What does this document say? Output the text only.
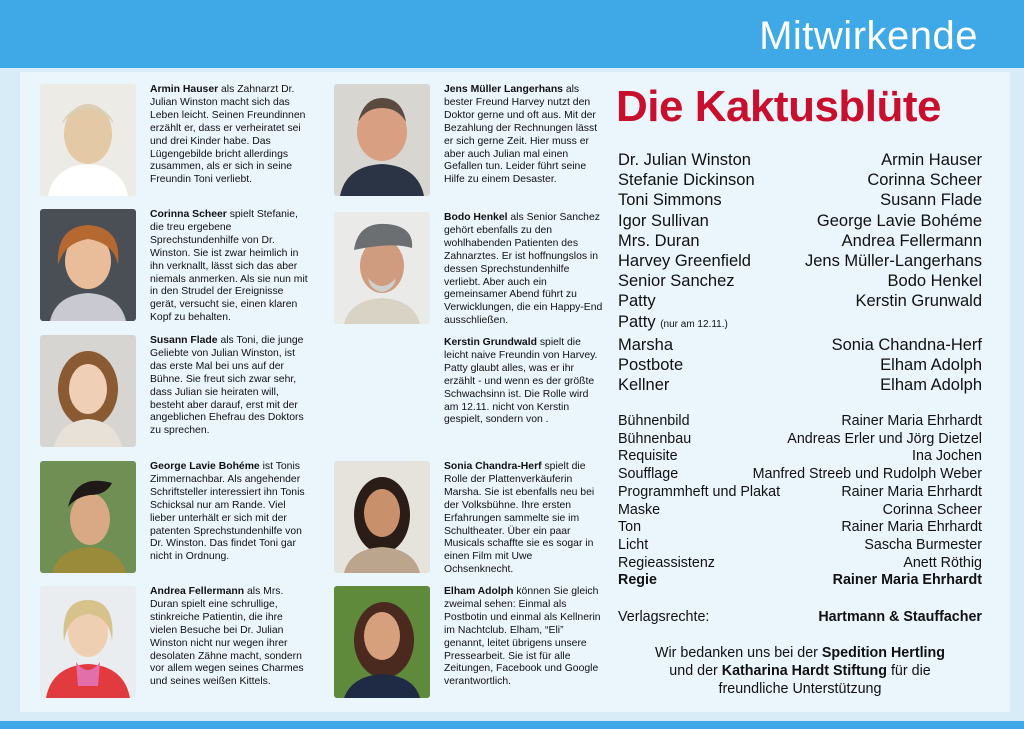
Mitwirkende
Armin Hauser als Zahnarzt Dr. Julian Winston macht sich das Leben leicht. Seinen Freundinnen erzählt er, dass er verheiratet sei und drei Kinder habe. Das Lügengebilde bricht allerdings zusammen, als er sich in seine Freundin Toni verliebt.
Corinna Scheer spielt Stefanie, die treu ergebene Sprechstundenhilfe von Dr. Winston. Sie ist zwar heimlich in ihn verknallt, lässt sich das aber niemals anmerken. Als sie nun mit in den Strudel der Ereignisse gerät, versucht sie, einen klaren Kopf zu behalten.
Susann Flade als Toni, die junge Geliebte von Julian Winston, ist das erste Mal bei uns auf der Bühne. Sie freut sich zwar sehr, dass Julian sie heiraten will, besteht aber darauf, erst mit der angeblichen Ehefrau des Doktors zu sprechen.
George Lavie Bohéme ist Tonis Zimmernachbar. Als angehender Schriftsteller interessiert ihn Tonis Schicksal nur am Rande. Viel lieber unterhält er sich mit der patenten Sprechstundenhilfe von Dr. Winston. Das findet Toni gar nicht in Ordnung.
Andrea Fellermann als Mrs. Duran spielt eine schrullige, stinkreiche Patientin, die ihre vielen Besuche bei Dr. Julian Winston nicht nur wegen ihrer desolaten Zähne macht, sondern vor allem wegen seines Charmes und seines weißen Kittels.
Jens Müller Langerhans als bester Freund Harvey nutzt den Doktor gerne und oft aus. Mit der Bezahlung der Rechnungen lässt er sich gerne Zeit. Hier muss er aber auch Julian mal einen Gefallen tun. Leider führt seine Hilfe zu einem Desaster.
Bodo Henkel als Senior Sanchez gehört ebenfalls zu den wohlhabenden Patienten des Zahnarztes. Er ist hoffnungslos in dessen Sprechstundenhilfe verliebt. Aber auch ein gemeinsamer Abend führt zu Verwicklungen, die ein Happy-End ausschließen.
Kerstin Grundwald spielt die leicht naive Freundin von Harvey. Patty glaubt alles, was er ihr erzählt - und wenn es der größte Schwachsinn ist. Die Rolle wird am 12.11. nicht von Kerstin gespielt, sondern von .
Sonia Chandra-Herf spielt die Rolle der Plattenverkäuferin Marsha. Sie ist ebenfalls neu bei der Volksbühne. Ihre ersten Erfahrungen sammelte sie im Schultheater. Über ein paar Musicals schaffte sie es sogar in einen Film mit Uwe Ochsenknecht.
Elham Adolph können Sie gleich zweimal sehen: Einmal als Postbotin und einmal als Kellnerin im Nachtclub. Elham, “Eli” genannt, leitet übrigens unsere Pressearbeit. Sie ist für alle Zeitungen, Facebook und Google verantwortlich.
Die Kaktusblüte
Dr. Julian Winston	Armin Hauser
Stefanie Dickinson	Corinna Scheer
Toni Simmons	Susann Flade
Igor Sullivan	George Lavie Bohéme
Mrs. Duran	Andrea Fellermann
Harvey Greenfield	Jens Müller-Langerhans
Senior Sanchez	Bodo Henkel
Patty	Kerstin Grunwald
Patty (nur am 12.11.)
Marsha	Sonia Chandna-Herf
Postbote	Elham Adolph
Kellner	Elham Adolph
Bühnenbild	Rainer Maria Ehrhardt
Bühnenbau	Andreas Erler und Jörg Dietzel
Requisite	Ina Jochen
Soufflage	Manfred Streeb und Rudolph Weber
Programmheft und Plakat	Rainer Maria Ehrhardt
Maske	Corinna Scheer
Ton	Rainer Maria Ehrhardt
Licht	Sascha Burmester
Regieassistenz	Anett Röthig
Regie	Rainer Maria Ehrhardt
Verlagsrechte:	Hartmann & Stauffacher
Wir bedanken uns bei der Spedition Hertling
und der Katharina Hardt Stiftung für die
freundliche Unterstützung
